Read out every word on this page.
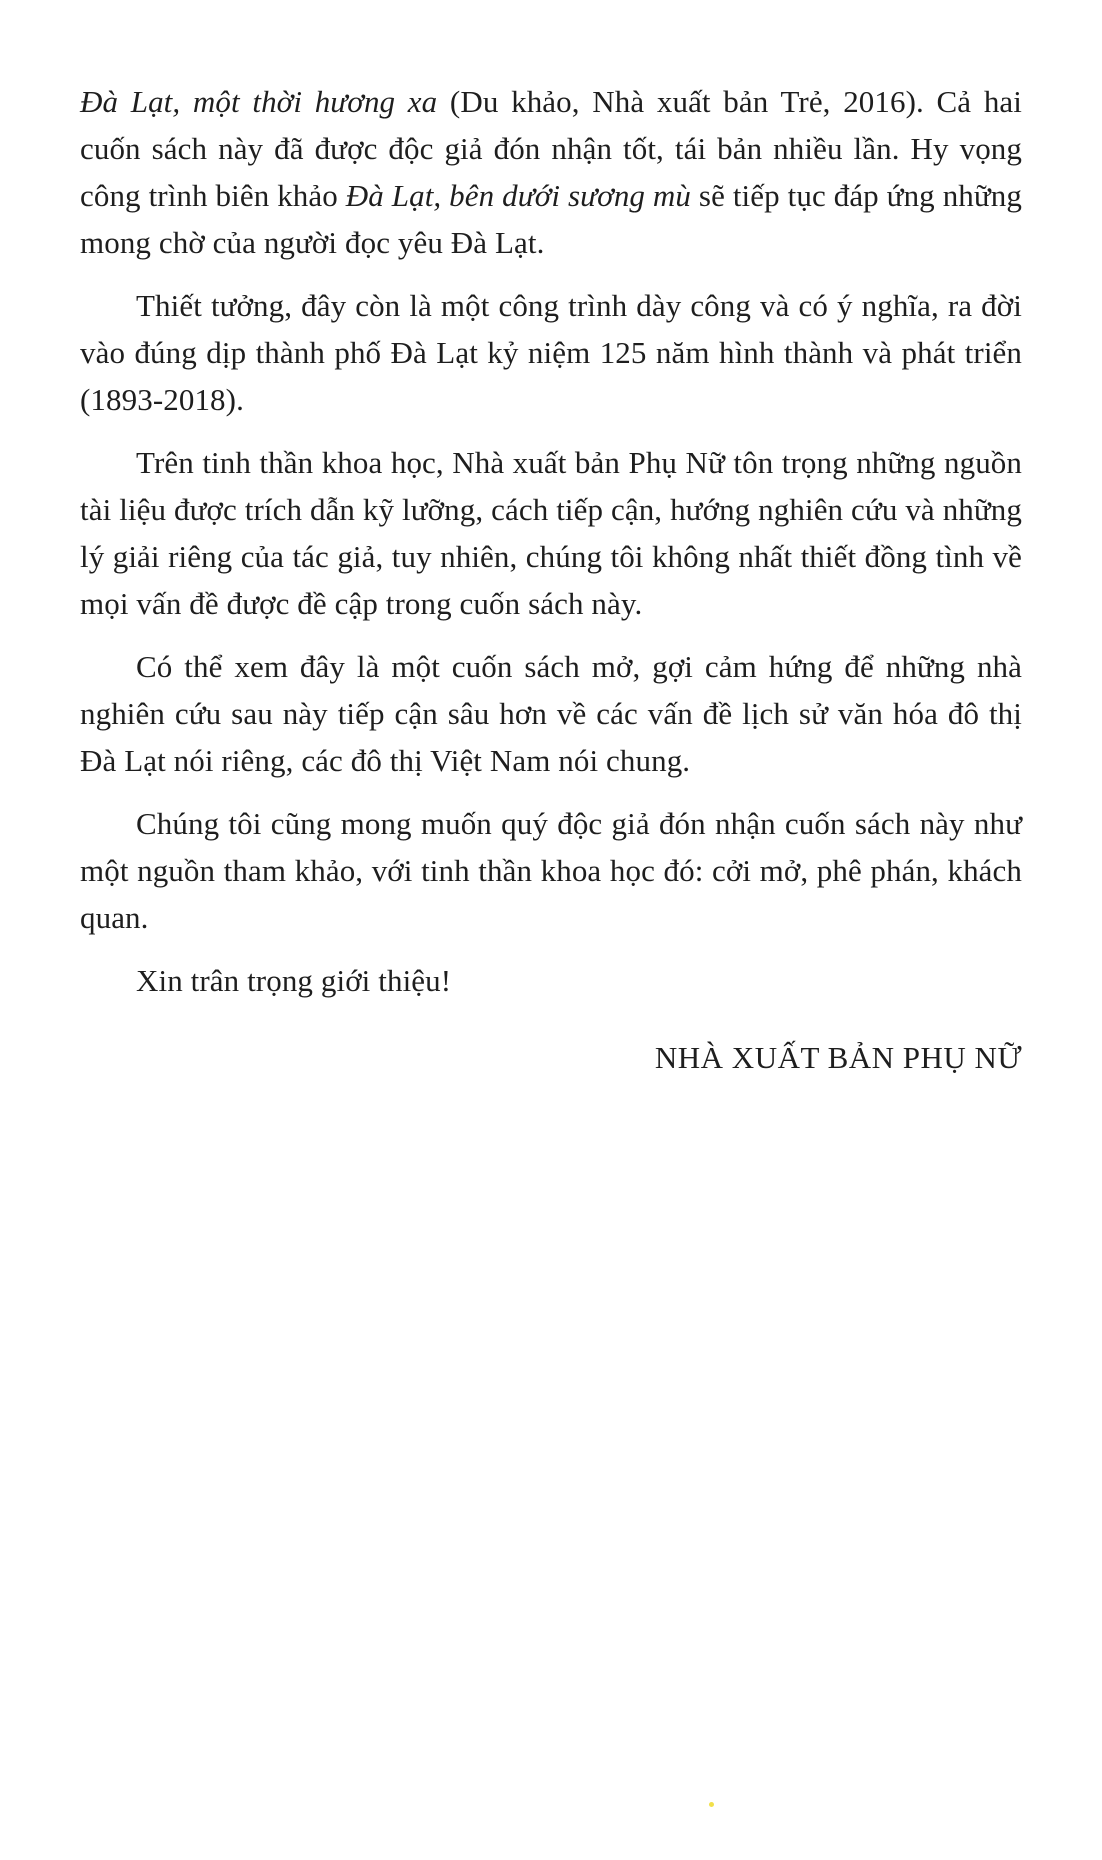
Đà Lạt, một thời hương xa (Du khảo, Nhà xuất bản Trẻ, 2016). Cả hai cuốn sách này đã được độc giả đón nhận tốt, tái bản nhiều lần. Hy vọng công trình biên khảo Đà Lạt, bên dưới sương mù sẽ tiếp tục đáp ứng những mong chờ của người đọc yêu Đà Lạt.

Thiết tưởng, đây còn là một công trình dày công và có ý nghĩa, ra đời vào đúng dịp thành phố Đà Lạt kỷ niệm 125 năm hình thành và phát triển (1893-2018).

Trên tinh thần khoa học, Nhà xuất bản Phụ Nữ tôn trọng những nguồn tài liệu được trích dẫn kỹ lưỡng, cách tiếp cận, hướng nghiên cứu và những lý giải riêng của tác giả, tuy nhiên, chúng tôi không nhất thiết đồng tình về mọi vấn đề được đề cập trong cuốn sách này.

Có thể xem đây là một cuốn sách mở, gợi cảm hứng để những nhà nghiên cứu sau này tiếp cận sâu hơn về các vấn đề lịch sử văn hóa đô thị Đà Lạt nói riêng, các đô thị Việt Nam nói chung.

Chúng tôi cũng mong muốn quý độc giả đón nhận cuốn sách này như một nguồn tham khảo, với tinh thần khoa học đó: cởi mở, phê phán, khách quan.

Xin trân trọng giới thiệu!

NHÀ XUẤT BẢN PHỤ NỮ
